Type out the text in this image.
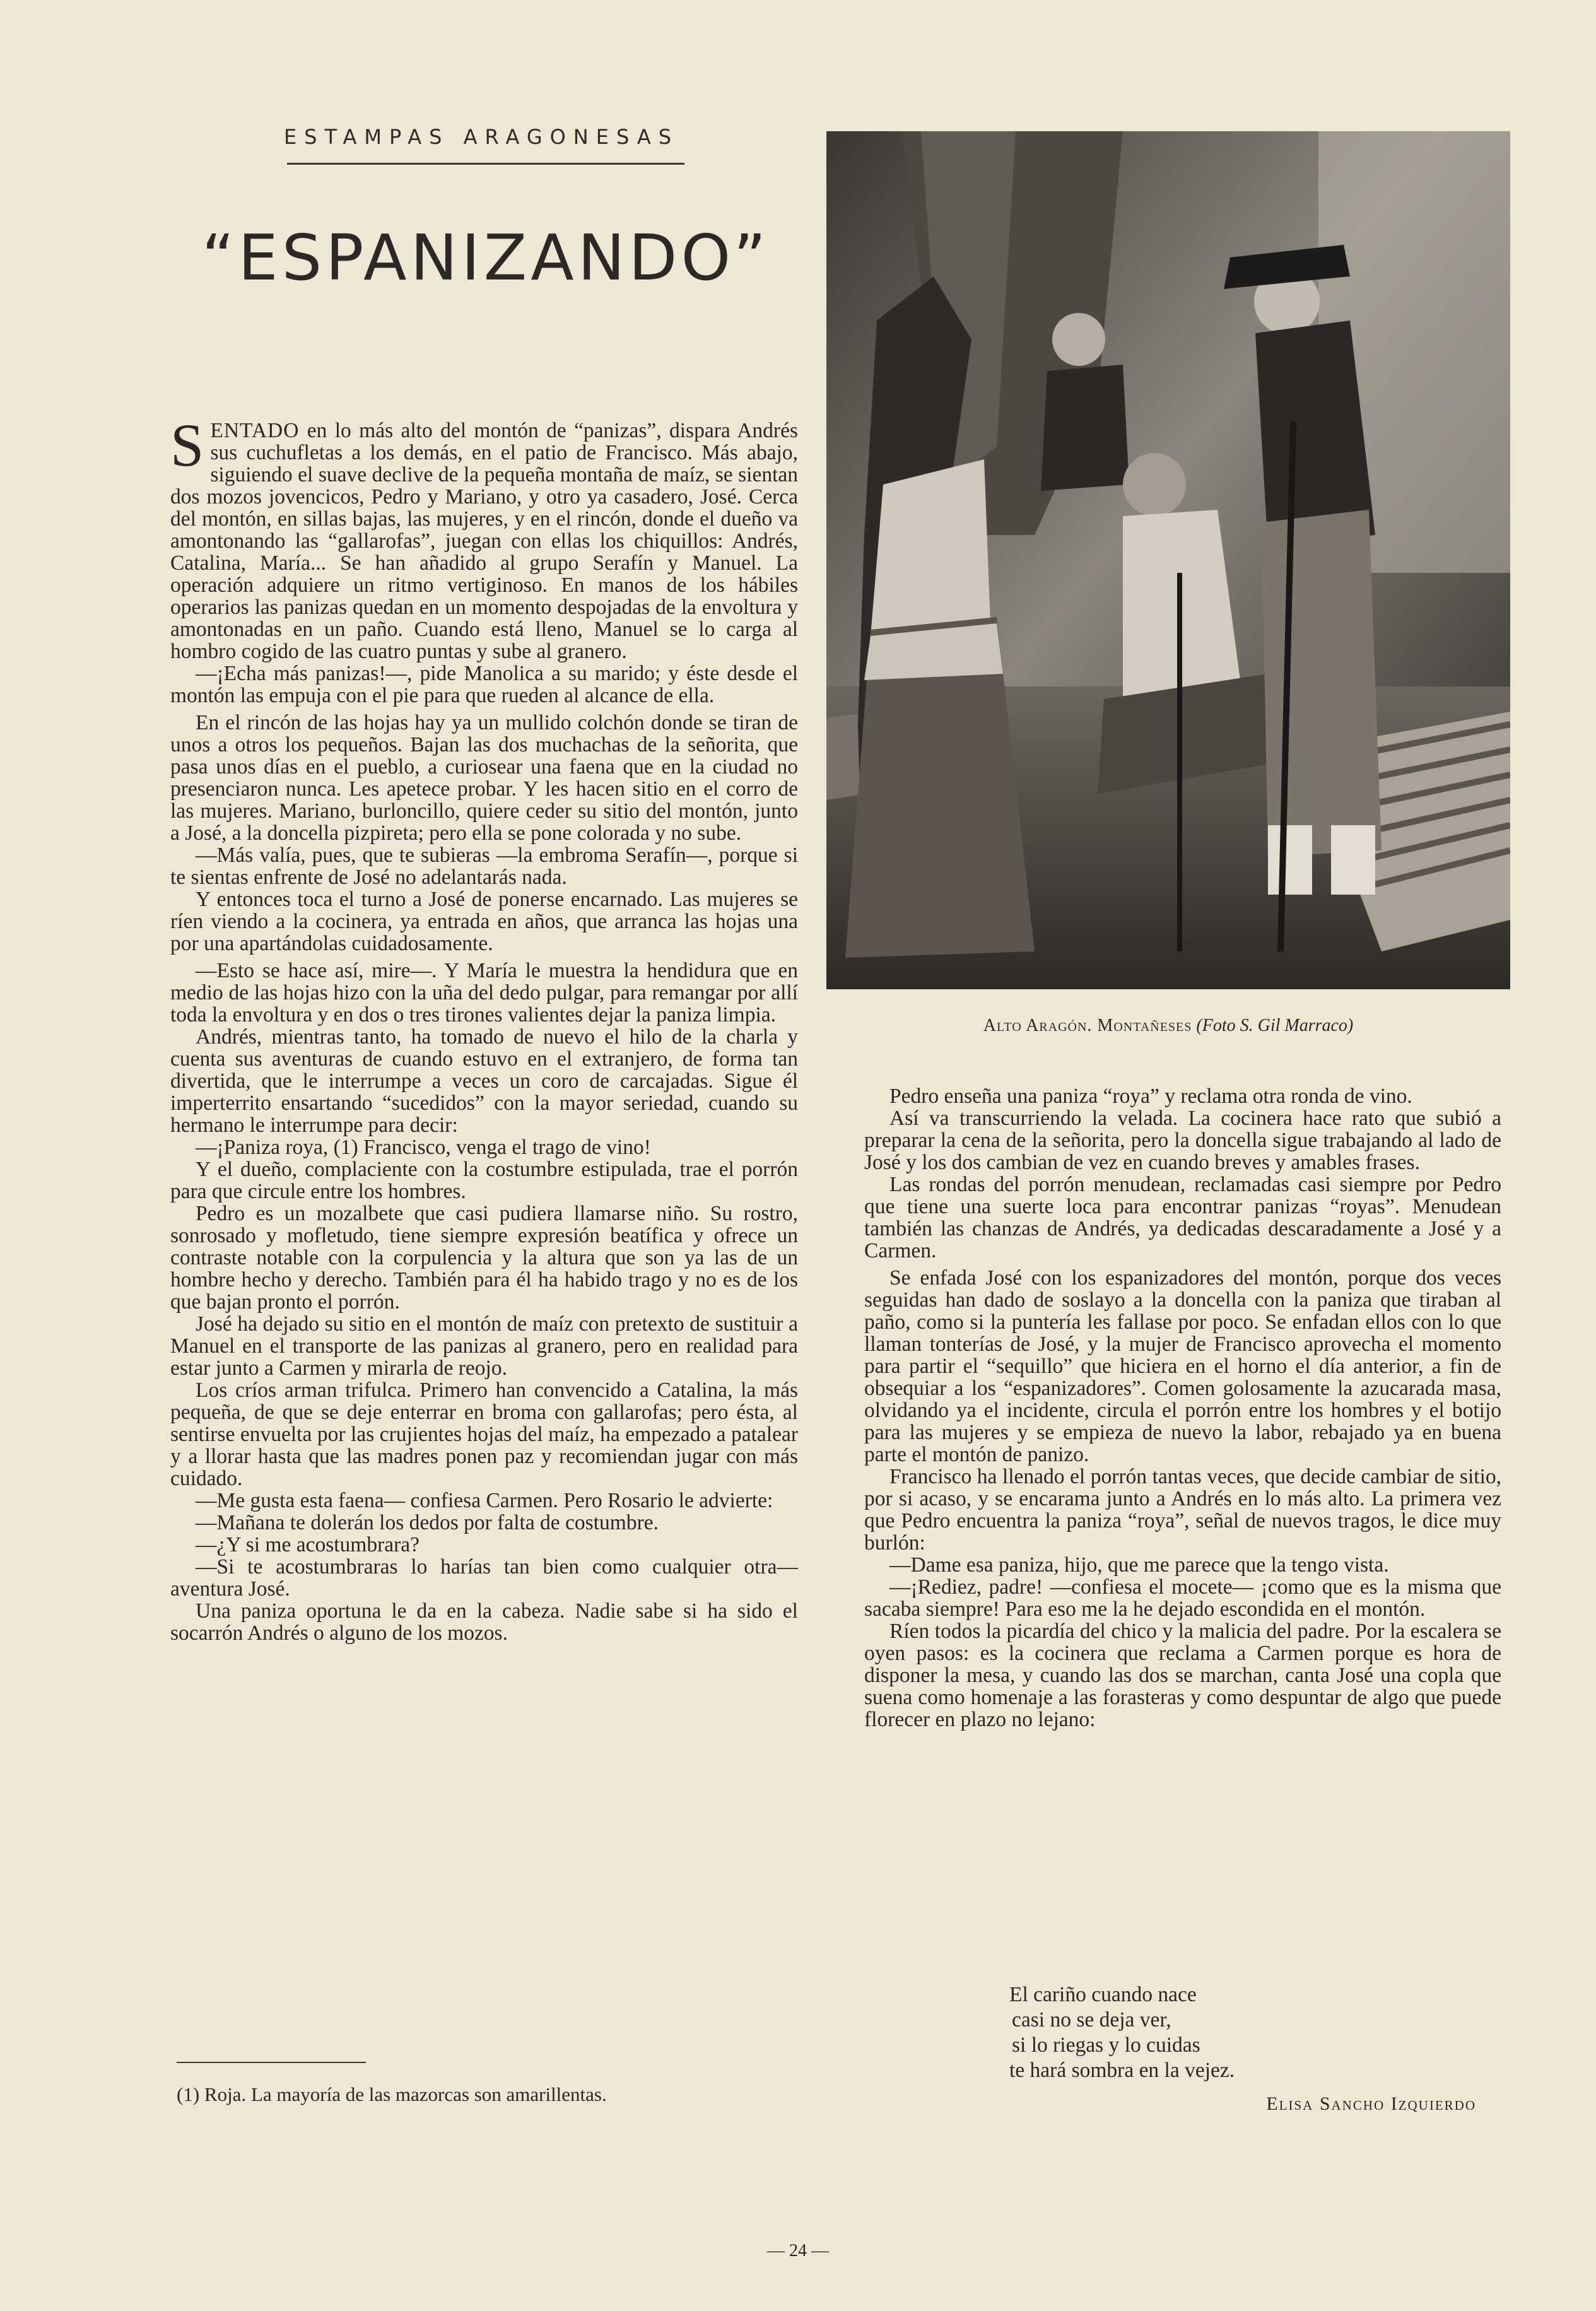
ESTAMPAS ARAGONESAS
“ESPANIZANDO”

SENTADO en lo más alto del montón de “panizas”, dispara Andrés sus cuchufletas a los demás, en el patio de Francisco. Más abajo, siguiendo el suave declive de la pequeña montaña de maíz, se sientan dos mozos jovencicos, Pedro y Mariano, y otro ya casadero, José. Cerca del montón, en sillas bajas, las mujeres, y en el rincón, donde el dueño va amontonando las “gallarofas”, juegan con ellas los chiquillos: Andrés, Catalina, María... Se han añadido al grupo Serafín y Manuel. La operación adquiere un ritmo vertiginoso. En manos de los hábiles operarios las panizas quedan en un momento despojadas de la envoltura y amontonadas en un paño. Cuando está lleno, Manuel se lo carga al hombro cogido de las cuatro puntas y sube al granero.

—¡Echa más panizas!—, pide Manolica a su marido; y éste desde el montón las empuja con el pie para que rueden al alcance de ella.

En el rincón de las hojas hay ya un mullido colchón donde se tiran de unos a otros los pequeños. Bajan las dos muchachas de la señorita, que pasa unos días en el pueblo, a curiosear una faena que en la ciudad no presenciaron nunca. Les apetece probar. Y les hacen sitio en el corro de las mujeres. Mariano, burloncillo, quiere ceder su sitio del montón, junto a José, a la doncella pizpireta; pero ella se pone colorada y no sube.

—Más valía, pues, que te subieras —la embroma Serafín—, porque si te sientas enfrente de José no adelantarás nada.

Y entonces toca el turno a José de ponerse encarnado. Las mujeres se ríen viendo a la cocinera, ya entrada en años, que arranca las hojas una por una apartándolas cuidadosamente.

—Esto se hace así, mire—. Y María le muestra la hendidura que en medio de las hojas hizo con la uña del dedo pulgar, para remangar por allí toda la envoltura y en dos o tres tirones valientes dejar la paniza limpia.

Andrés, mientras tanto, ha tomado de nuevo el hilo de la charla y cuenta sus aventuras de cuando estuvo en el extranjero, de forma tan divertida, que le interrumpe a veces un coro de carcajadas. Sigue él imperterrito ensartando “sucedidos” con la mayor seriedad, cuando su hermano le interrumpe para decir:

—¡Paniza roya, (1) Francisco, venga el trago de vino!

Y el dueño, complaciente con la costumbre estipulada, trae el porrón para que circule entre los hombres.

Pedro es un mozalbete que casi pudiera llamarse niño. Su rostro, sonrosado y mofletudo, tiene siempre expresión beatífica y ofrece un contraste notable con la corpulencia y la altura que son ya las de un hombre hecho y derecho. También para él ha habido trago y no es de los que bajan pronto el porrón.

José ha dejado su sitio en el montón de maíz con pretexto de sustituir a Manuel en el transporte de las panizas al granero, pero en realidad para estar junto a Carmen y mirarla de reojo.

Los críos arman trifulca. Primero han convencido a Catalina, la más pequeña, de que se deje enterrar en broma con gallarofas; pero ésta, al sentirse envuelta por las crujientes hojas del maíz, ha empezado a patalear y a llorar hasta que las madres ponen paz y recomiendan jugar con más cuidado.

—Me gusta esta faena— confiesa Carmen. Pero Rosario le advierte:

—Mañana te dolerán los dedos por falta de costumbre.

—¿Y si me acostumbrara?

—Si te acostumbraras lo harías tan bien como cualquier otra— aventura José.

Una paniza oportuna le da en la cabeza. Nadie sabe si ha sido el socarrón Andrés o alguno de los mozos.

Alto Aragón. Montañeses (Foto S. Gil Marraco)

Pedro enseña una paniza “roya” y reclama otra ronda de vino.

Así va transcurriendo la velada. La cocinera hace rato que subió a preparar la cena de la señorita, pero la doncella sigue trabajando al lado de José y los dos cambian de vez en cuando breves y amables frases.

Las rondas del porrón menudean, reclamadas casi siempre por Pedro que tiene una suerte loca para encontrar panizas “royas”. Menudean también las chanzas de Andrés, ya dedicadas descaradamente a José y a Carmen.

Se enfada José con los espanizadores del montón, porque dos veces seguidas han dado de soslayo a la doncella con la paniza que tiraban al paño, como si la puntería les fallase por poco. Se enfadan ellos con lo que llaman tonterías de José, y la mujer de Francisco aprovecha el momento para partir el “sequillo” que hiciera en el horno el día anterior, a fin de obsequiar a los “espanizadores”. Comen golosamente la azucarada masa, olvidando ya el incidente, circula el porrón entre los hombres y el botijo para las mujeres y se empieza de nuevo la labor, rebajado ya en buena parte el montón de panizo.

Francisco ha llenado el porrón tantas veces, que decide cambiar de sitio, por si acaso, y se encarama junto a Andrés en lo más alto. La primera vez que Pedro encuentra la paniza “roya”, señal de nuevos tragos, le dice muy burlón:

—Dame esa paniza, hijo, que me parece que la tengo vista.

—¡Rediez, padre! —confiesa el mocete— ¡como que es la misma que sacaba siempre! Para eso me la he dejado escondida en el montón.

Ríen todos la picardía del chico y la malicia del padre. Por la escalera se oyen pasos: es la cocinera que reclama a Carmen porque es hora de disponer la mesa, y cuando las dos se marchan, canta José una copla que suena como homenaje a las forasteras y como despuntar de algo que puede florecer en plazo no lejano:

El cariño cuando nace
casi no se deja ver,
si lo riegas y lo cuidas
te hará sombra en la vejez.
Elisa Sancho Izquierdo
(1) Roja. La mayoría de las mazorcas son amarillentas.
— 24 —
